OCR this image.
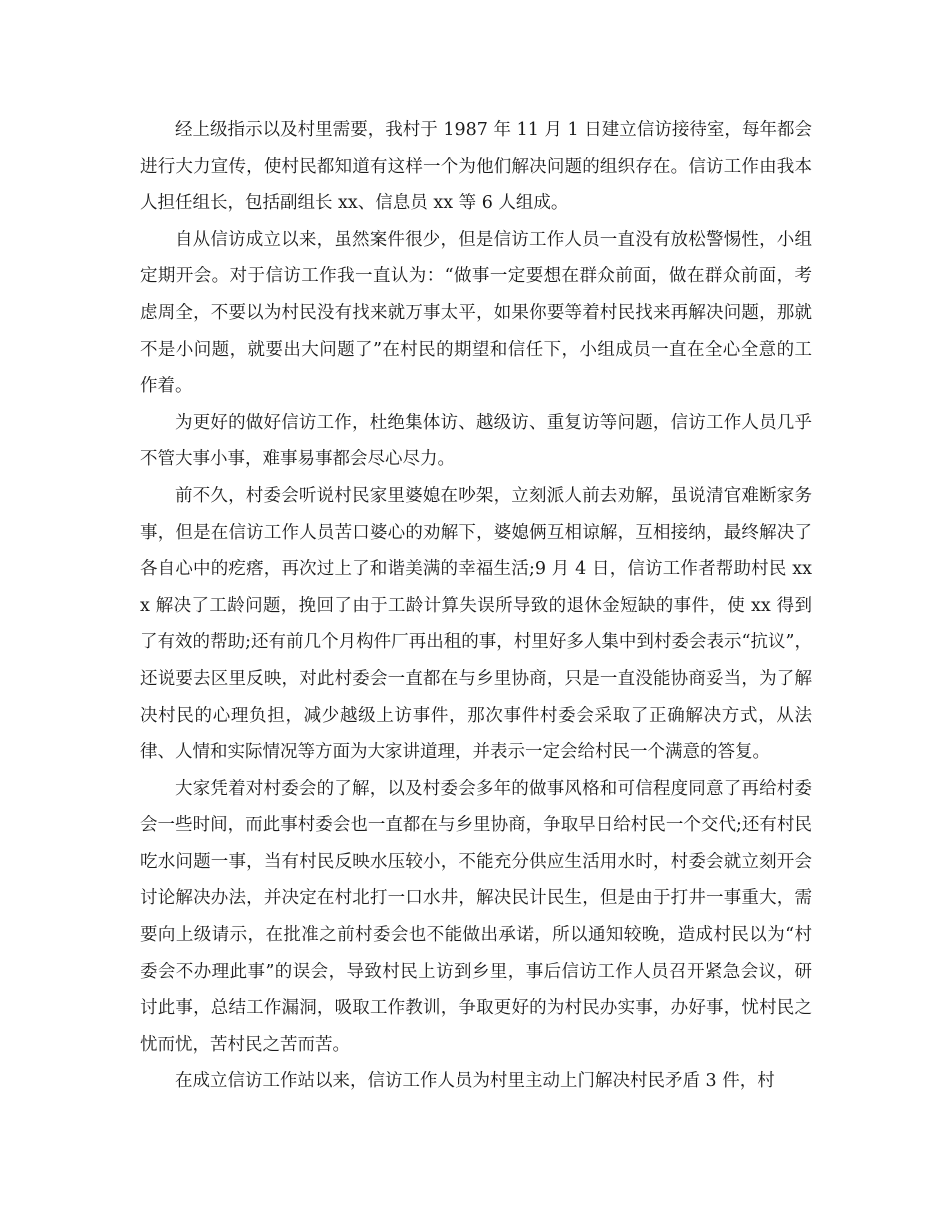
经上级指示以及村里需要，我村于 1987 年 11 月 1 日建立信访接待室，每年都会进行大力宣传，使村民都知道有这样一个为他们解决问题的组织存在。信访工作由我本人担任组长，包括副组长 xx、信息员 xx 等 6 人组成。

自从信访成立以来，虽然案件很少，但是信访工作人员一直没有放松警惕性，小组定期开会。对于信访工作我一直认为：“做事一定要想在群众前面，做在群众前面，考虑周全，不要以为村民没有找来就万事太平，如果你要等着村民找来再解决问题，那就不是小问题，就要出大问题了”在村民的期望和信任下，小组成员一直在全心全意的工作着。

为更好的做好信访工作，杜绝集体访、越级访、重复访等问题，信访工作人员几乎不管大事小事，难事易事都会尽心尽力。

前不久，村委会听说村民家里婆媳在吵架，立刻派人前去劝解，虽说清官难断家务事，但是在信访工作人员苦口婆心的劝解下，婆媳俩互相谅解，互相接纳，最终解决了各自心中的疙瘩，再次过上了和谐美满的幸福生活;9 月 4 日，信访工作者帮助村民 xxx 解决了工龄问题，挽回了由于工龄计算失误所导致的退休金短缺的事件，使 xx 得到了有效的帮助;还有前几个月构件厂再出租的事，村里好多人集中到村委会表示“抗议”，还说要去区里反映，对此村委会一直都在与乡里协商，只是一直没能协商妥当，为了解决村民的心理负担，减少越级上访事件，那次事件村委会采取了正确解决方式，从法律、人情和实际情况等方面为大家讲道理，并表示一定会给村民一个满意的答复。

大家凭着对村委会的了解，以及村委会多年的做事风格和可信程度同意了再给村委会一些时间，而此事村委会也一直都在与乡里协商，争取早日给村民一个交代;还有村民吃水问题一事，当有村民反映水压较小，不能充分供应生活用水时，村委会就立刻开会讨论解决办法，并决定在村北打一口水井，解决民计民生，但是由于打井一事重大，需要向上级请示，在批准之前村委会也不能做出承诺，所以通知较晚，造成村民以为“村委会不办理此事”的误会，导致村民上访到乡里，事后信访工作人员召开紧急会议，研讨此事，总结工作漏洞，吸取工作教训，争取更好的为村民办实事，办好事，忧村民之忧而忧，苦村民之苦而苦。

在成立信访工作站以来，信访工作人员为村里主动上门解决村民矛盾 3 件，村
